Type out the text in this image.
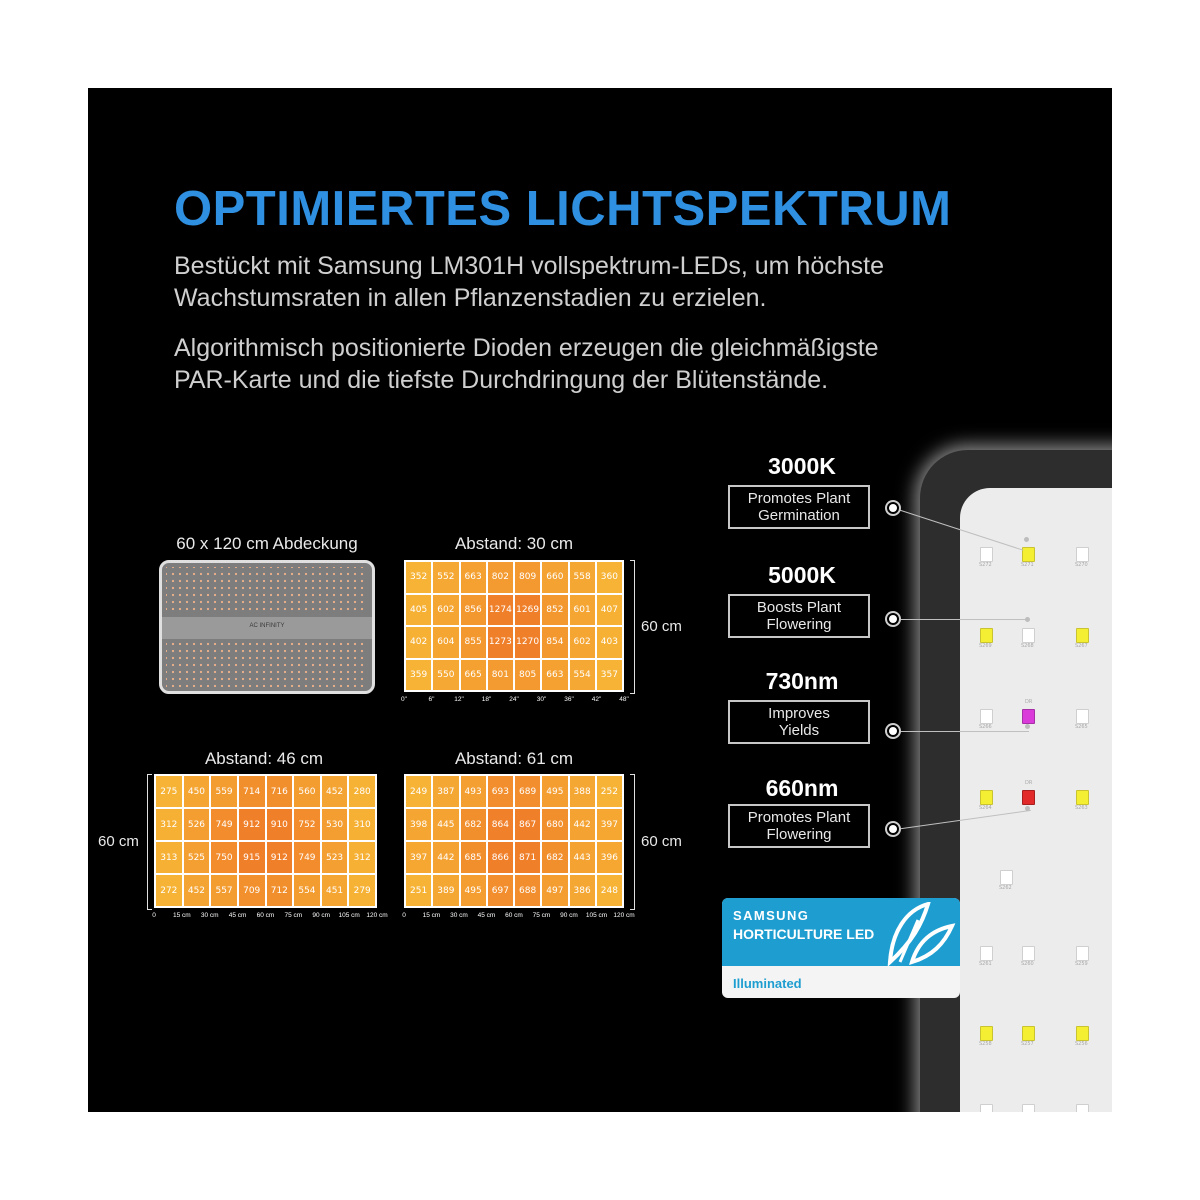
OPTIMIERTES LICHTSPEKTRUM

Bestückt mit Samsung LM301H vollspektrum-LEDs, um höchste
Wachstumsraten in allen Pflanzenstadien zu erzielen.

Algorithmisch positionierte Dioden erzeugen die gleichmäßigste
PAR-Karte und die tiefste Durchdringung der Blütenstände.

60 x 120 cm Abdeckung
AC INFINITY
Abstand: 30 cm
352	552	663	802	809	660	558	360
405	602	856 1274 1269 852	601	407
402	604	855 1273 1270 854	602	403
359	550	665	801	805	663	554	357
60 cm
0"	6"	12"	18"	24"	30"	36"	42"	48"
Abstand: 46 cm
275	450	559	714	716	560	452	280
312	526	749	912	910	752	530	310
313	525	750	915	912	749	523	312
272	452	557	709	712	554	451	279
60 cm
0	15 cm 30 cm 45 cm 60 cm 75 cm 90 cm 105 cm 120 cm
Abstand: 61 cm
249	387	493	693	689	495	388	252
398	445	682	864	867	680	442	397
397	442	685	866	871	682	443	396
251	389	495	697	688	497	386	248
60 cm
0	15 cm 30 cm 45 cm 60 cm 75 cm 90 cm 105 cm 120 cm
S272	S271	S270
S269	S268	S267
S266
DR
S265
S264
DR
S263
S262
S261	S260	S259
S258	S257	S256
3000K
Promotes Plant
Germination
5000K
Boosts Plant
Flowering
730nm
Improves
Yields
660nm
Promotes Plant
Flowering
SAMSUNG
HORTICULTURE LED
Illuminated
